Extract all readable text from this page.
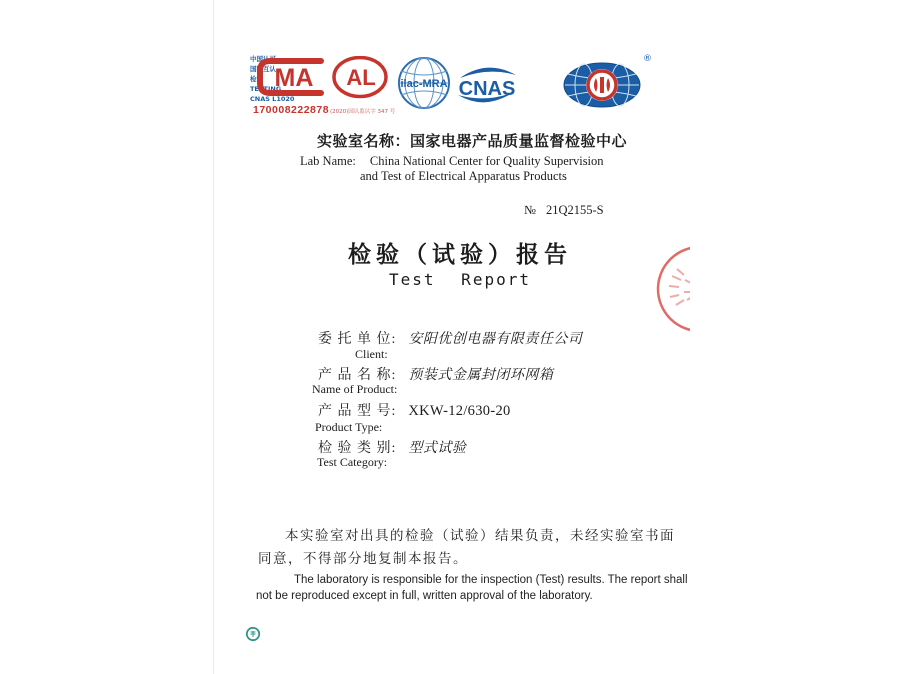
MA
170008222878
AL
(2020)国认监认字 347 号
ilac-MRA CNAS
中国认可
国际互认
检测
TESTING
CNAS L1020
®
实验室名称：国家电器产品质量监督检验中心
Lab Name: China National Center for Quality Supervision
and Test of Electrical Apparatus Products
№ 21Q2155-S
检验（试验）报告
Test Report
委 托 单 位: 安阳优创电器有限责任公司
Client:
产 品 名 称: 预装式金属封闭环网箱
Name of Product:
产 品 型 号: XKW-12/630-20
Product Type:
检 验 类 别: 型式试验
Test Category:
本实验室对出具的检验（试验）结果负责，未经实验室书面同意，不得部分地复制本报告。
The laboratory is responsible for the inspection (Test) results. The report shall not be reproduced except in full, written approval of the laboratory.
